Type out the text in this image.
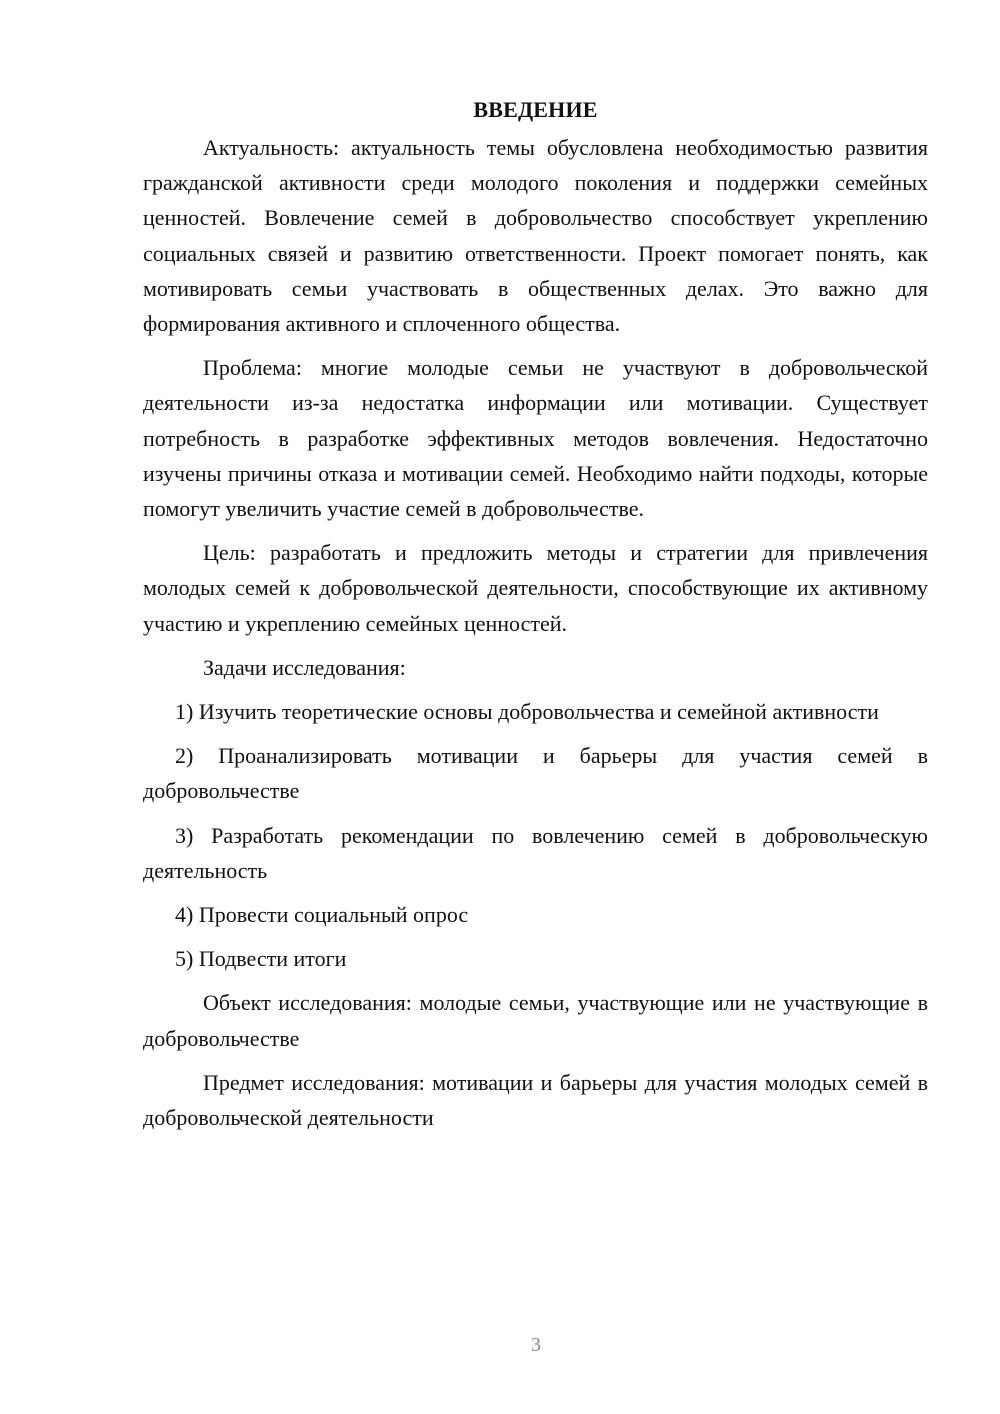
ВВЕДЕНИЕ

Актуальность: актуальность темы обусловлена необходимостью развития гражданской активности среди молодого поколения и поддержки семейных ценностей. Вовлечение семей в добровольчество способствует укреплению социальных связей и развитию ответственности. Проект помогает понять, как мотивировать семьи участвовать в общественных делах. Это важно для формирования активного и сплоченного общества.

Проблема: многие молодые семьи не участвуют в добровольческой деятельности из-за недостатка информации или мотивации. Существует потребность в разработке эффективных методов вовлечения. Недостаточно изучены причины отказа и мотивации семей. Необходимо найти подходы, которые помогут увеличить участие семей в добровольчестве.

Цель: разработать и предложить методы и стратегии для привлечения молодых семей к добровольческой деятельности, способствующие их активному участию и укреплению семейных ценностей.

Задачи исследования:

1) Изучить теоретические основы добровольчества и семейной активности

2) Проанализировать мотивации и барьеры для участия семей в добровольчестве

3) Разработать рекомендации по вовлечению семей в добровольческую деятельность

4) Провести социальный опрос

5) Подвести итоги

Объект исследования: молодые семьи, участвующие или не участвующие в добровольчестве

Предмет исследования: мотивации и барьеры для участия молодых семей в добровольческой деятельности

3
